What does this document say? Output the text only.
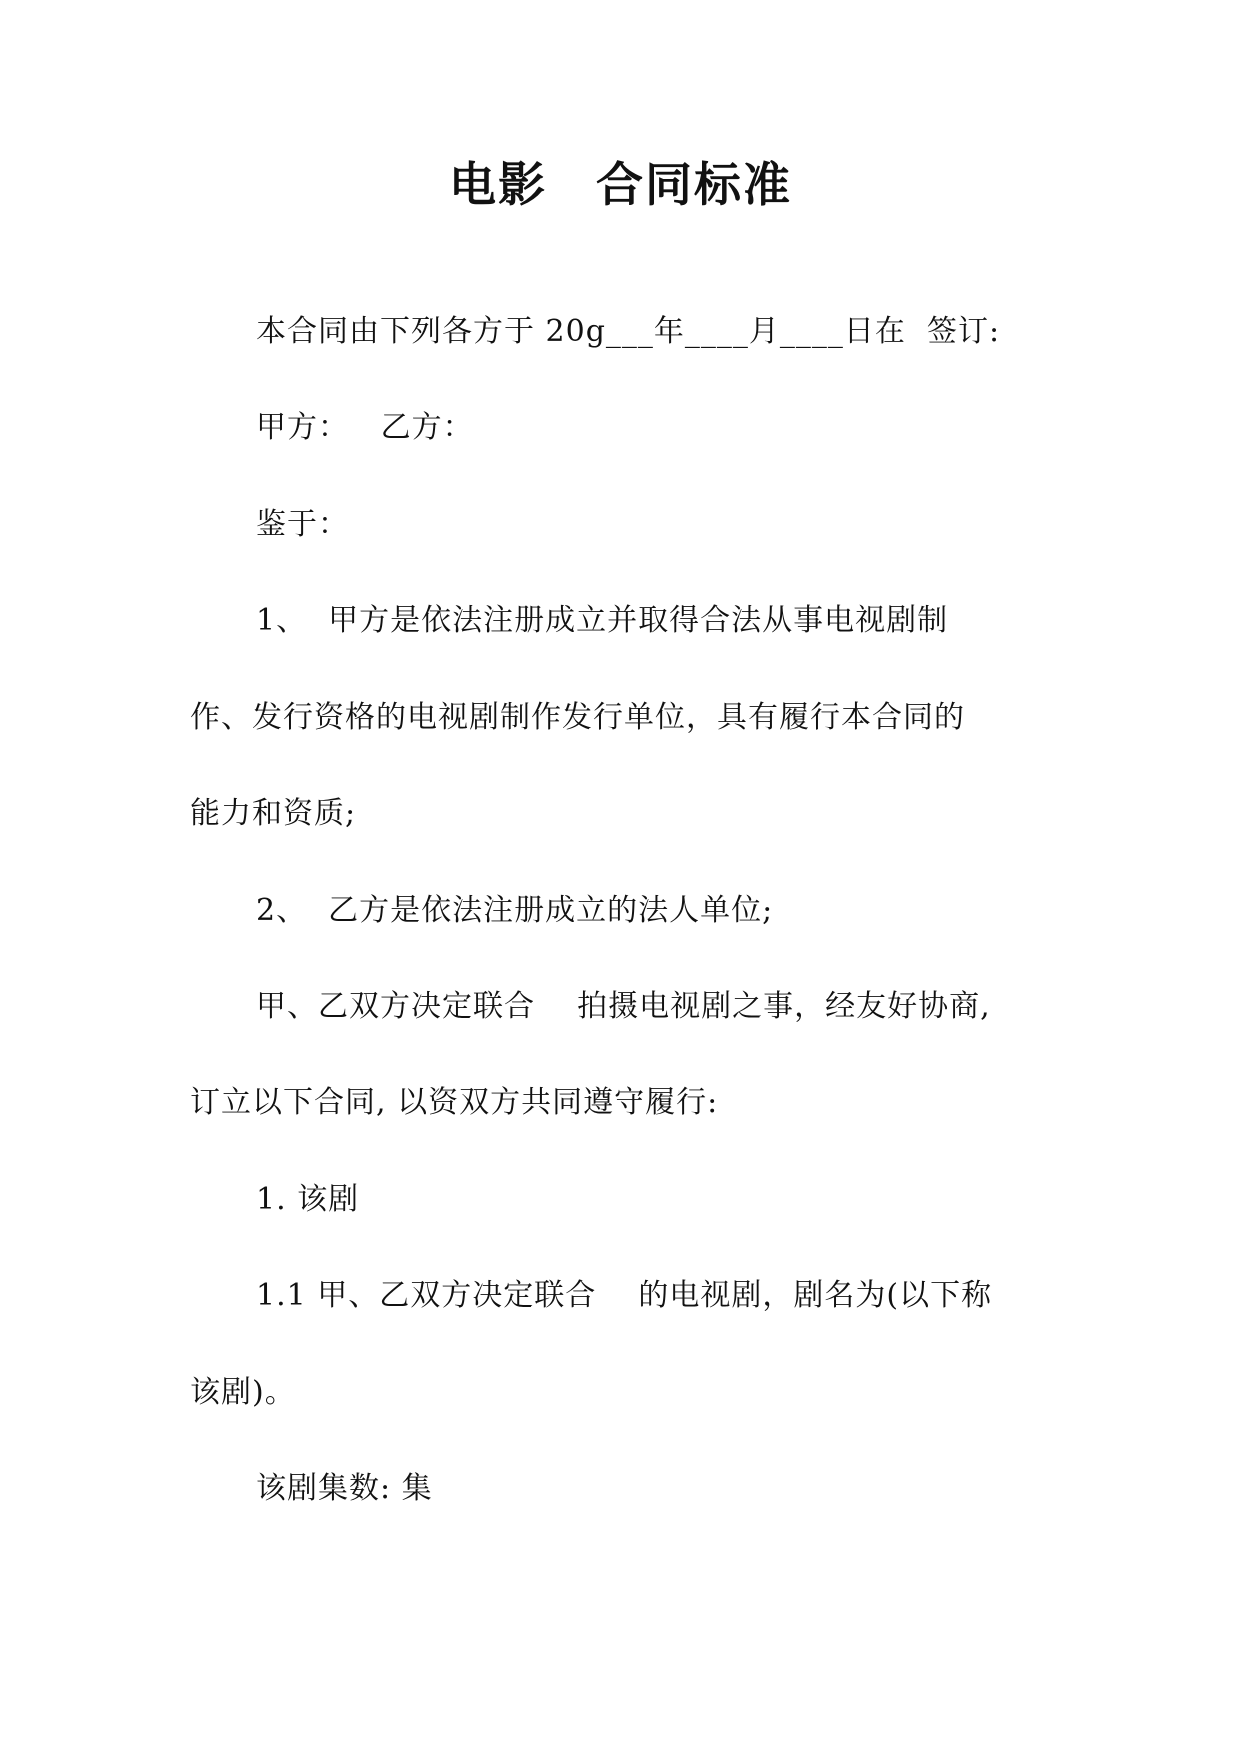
电影　合同标准
本合同由下列各方于 20g___年____月____日在  签订:
甲方：   乙方：
鉴于：
1、  甲方是依法注册成立并取得合法从事电视剧制
作、发行资格的电视剧制作发行单位，具有履行本合同的
能力和资质;
2、  乙方是依法注册成立的法人单位;
甲、乙双方决定联合    拍摄电视剧之事，经友好协商,
订立以下合同, 以资双方共同遵守履行:
1. 该剧
1.1 甲、乙双方决定联合    的电视剧，剧名为(以下称
该剧)。
该剧集数: 集
